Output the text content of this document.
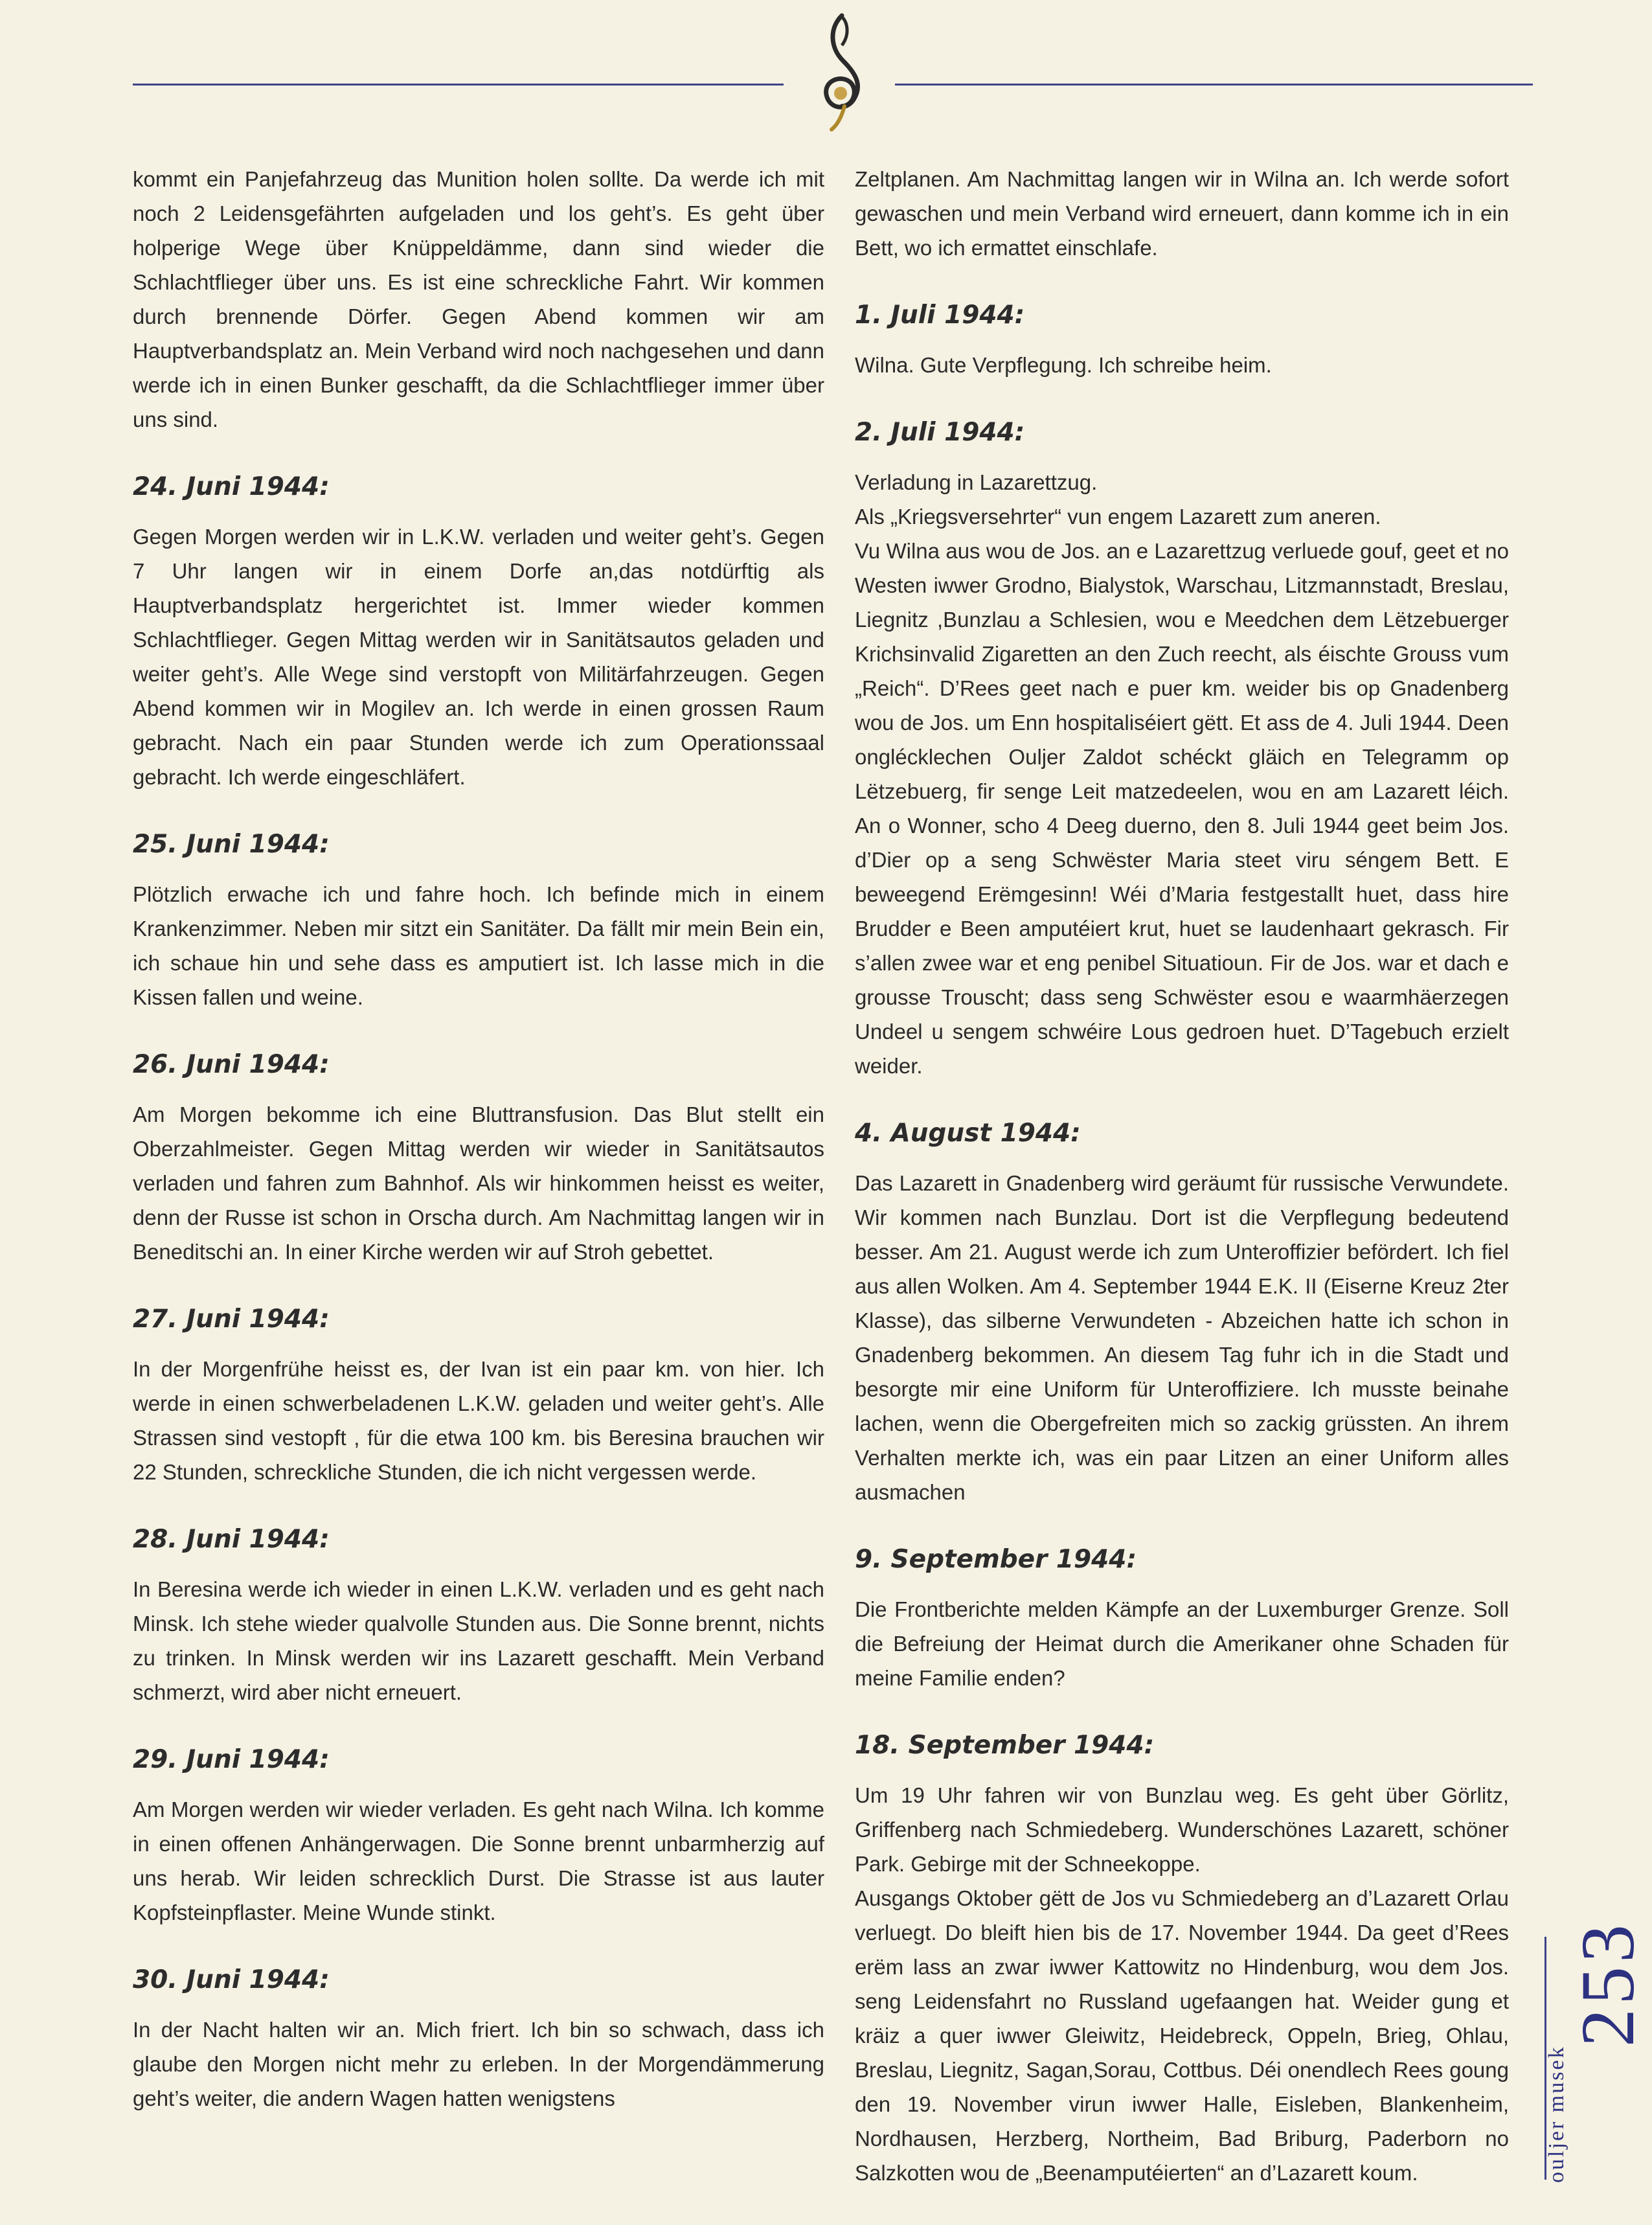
kommt ein Panjefahrzeug das Munition holen sollte. Da werde ich mit noch 2 Leidensgefährten aufgeladen und los geht’s. Es geht über holperige Wege über Knüppeldämme, dann sind wieder die Schlachtflieger über uns. Es ist eine schreckliche Fahrt. Wir kommen durch brennende Dörfer. Gegen Abend kommen wir am Hauptverbandsplatz an. Mein Verband wird noch nachgesehen und dann werde ich in einen Bunker geschafft, da die Schlachtflieger immer über uns sind.

24. Juni 1944:

Gegen Morgen werden wir in L.K.W. verladen und weiter geht’s. Gegen 7 Uhr langen wir in einem Dorfe an,das notdürftig als Hauptverbandsplatz hergerichtet ist. Immer wieder kommen Schlachtflieger. Gegen Mittag werden wir in Sanitätsautos geladen und weiter geht’s. Alle Wege sind verstopft von Militärfahrzeugen. Gegen Abend kommen wir in Mogilev an. Ich werde in einen grossen Raum gebracht. Nach ein paar Stunden werde ich zum Operationssaal gebracht. Ich werde eingeschläfert.

25. Juni 1944:

Plötzlich erwache ich und fahre hoch. Ich befinde mich in einem Krankenzimmer. Neben mir sitzt ein Sanitäter. Da fällt mir mein Bein ein, ich schaue hin und sehe dass es amputiert ist. Ich lasse mich in die Kissen fallen und weine.

26. Juni 1944:

Am Morgen bekomme ich eine Bluttransfusion. Das Blut stellt ein Oberzahlmeister. Gegen Mittag werden wir wieder in Sanitätsautos verladen und fahren zum Bahnhof. Als wir hinkommen heisst es weiter, denn der Russe ist schon in Orscha durch. Am Nachmittag langen wir in Beneditschi an. In einer Kirche werden wir auf Stroh gebettet.

27. Juni 1944:

In der Morgenfrühe heisst es, der Ivan ist ein paar km. von hier. Ich werde in einen schwerbeladenen L.K.W. geladen und weiter geht’s. Alle Strassen sind vestopft , für die etwa 100 km. bis Beresina brauchen wir 22 Stunden, schreckliche Stunden, die ich nicht vergessen werde.

28. Juni 1944:

In Beresina werde ich wieder in einen L.K.W. verladen und es geht nach Minsk. Ich stehe wieder qualvolle Stunden aus. Die Sonne brennt, nichts zu trinken. In Minsk werden wir ins Lazarett geschafft. Mein Verband schmerzt, wird aber nicht erneuert.

29. Juni 1944:

Am Morgen werden wir wieder verladen. Es geht nach Wilna. Ich komme in einen offenen Anhängerwagen. Die Sonne brennt unbarmherzig auf uns herab. Wir leiden schrecklich Durst. Die Strasse ist aus lauter Kopfsteinpflaster. Meine Wunde stinkt.

30. Juni 1944:

In der Nacht halten wir an. Mich friert. Ich bin so schwach, dass ich glaube den Morgen nicht mehr zu erleben. In der Morgendämmerung geht’s weiter, die andern Wagen hatten wenigstens

Zeltplanen. Am Nachmittag langen wir in Wilna an. Ich werde sofort gewaschen und mein Verband wird erneuert, dann komme ich in ein Bett, wo ich ermattet einschlafe.

1. Juli 1944:

Wilna. Gute Verpflegung. Ich schreibe heim.

2. Juli 1944:

Verladung in Lazarettzug.

Als „Kriegsversehrter“ vun engem Lazarett zum aneren.

Vu Wilna aus wou de Jos. an e Lazarettzug verluede gouf, geet et no Westen iwwer Grodno, Bialystok, Warschau, Litzmannstadt, Breslau, Liegnitz ,Bunzlau a Schlesien, wou e Meedchen dem Lëtzebuerger Krichsinvalid Zigaretten an den Zuch reecht, als éischte Grouss vum „Reich“. D’Rees geet nach e puer km. weider bis op Gnadenberg wou de Jos. um Enn hospitaliséiert gëtt. Et ass de 4. Juli 1944. Deen onglécklechen Ouljer Zaldot schéckt gläich en Telegramm op Lëtzebuerg, fir senge Leit matzedeelen, wou en am Lazarett léich. An o Wonner, scho 4 Deeg duerno, den 8. Juli 1944 geet beim Jos. d’Dier op a seng Schwëster Maria steet viru séngem Bett. E beweegend Erëmgesinn! Wéi d’Maria festgestallt huet, dass hire Brudder e Been amputéiert krut, huet se laudenhaart gekrasch. Fir s’allen zwee war et eng penibel Situatioun. Fir de Jos. war et dach e grousse Trouscht; dass seng Schwëster esou e waarmhäerzegen Undeel u sengem schwéire Lous gedroen huet. D’Tagebuch erzielt weider.

4. August 1944:

Das Lazarett in Gnadenberg wird geräumt für russische Verwundete. Wir kommen nach Bunzlau. Dort ist die Verpflegung bedeutend besser. Am 21. August werde ich zum Unteroffizier befördert. Ich fiel aus allen Wolken. Am 4. September 1944 E.K. II (Eiserne Kreuz 2ter Klasse), das silberne Verwundeten - Abzeichen hatte ich schon in Gnadenberg bekommen. An diesem Tag fuhr ich in die Stadt und besorgte mir eine Uniform für Unteroffiziere. Ich musste beinahe lachen, wenn die Obergefreiten mich so zackig grüssten. An ihrem Verhalten merkte ich, was ein paar Litzen an einer Uniform alles ausmachen

9. September 1944:

Die Frontberichte melden Kämpfe an der Luxemburger Grenze. Soll die Befreiung der Heimat durch die Amerikaner ohne Schaden für meine Familie enden?

18. September 1944:

Um 19 Uhr fahren wir von Bunzlau weg. Es geht über Görlitz, Griffenberg nach Schmiedeberg. Wunderschönes Lazarett, schöner Park. Gebirge mit der Schneekoppe.

Ausgangs Oktober gëtt de Jos vu Schmiedeberg an d’Lazarett Orlau verluegt. Do bleift hien bis de 17. November 1944. Da geet d’Rees erëm lass an zwar iwwer Kattowitz no Hindenburg, wou dem Jos. seng Leidensfahrt no Russland ugefaangen hat. Weider gung et kräiz a quer iwwer Gleiwitz, Heidebreck, Oppeln, Brieg, Ohlau, Breslau, Liegnitz, Sagan,Sorau, Cottbus. Déi onendlech Rees goung den 19. November virun iwwer Halle, Eisleben, Blankenheim, Nordhausen, Herzberg, Northeim, Bad Briburg, Paderborn no Salzkotten wou de „Beenamputéierten“ an d’Lazarett koum.

253
ouljer musek
